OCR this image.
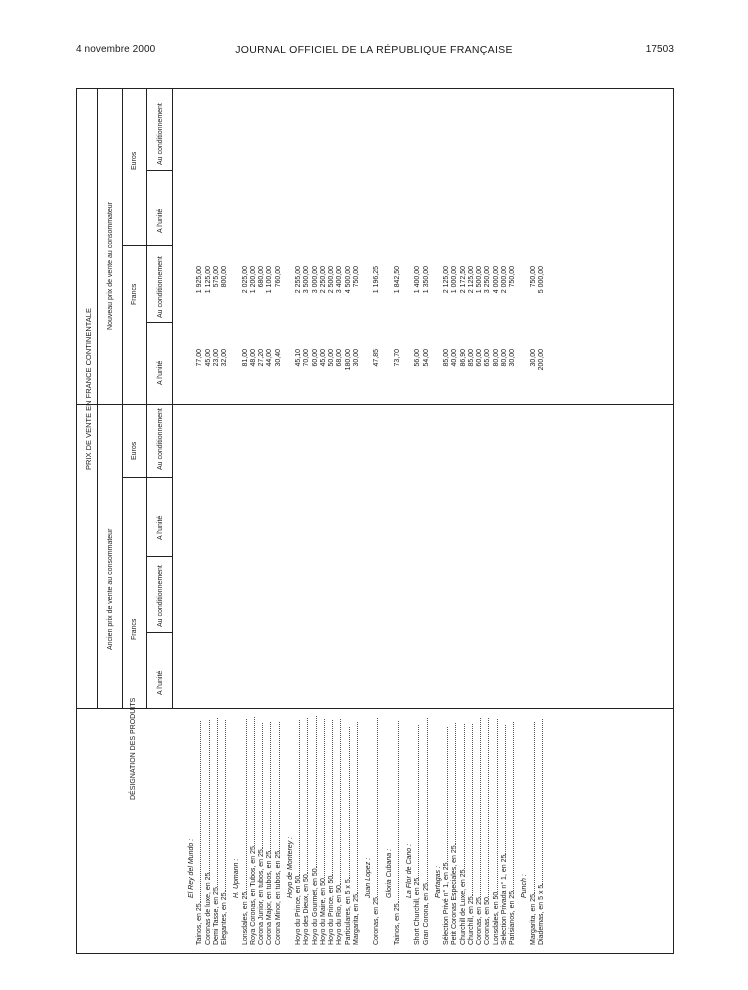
4 novembre 2000	JOURNAL OFFICIEL DE LA RÉPUBLIQUE FRANÇAISE	17503
DÉSIGNATION DES PRODUITS
PRIX DE VENTE EN FRANCE CONTINENTALE
Ancien prix de vente au consommateur
Nouveau prix de vente au consommateur
Francs
Euros
Francs
Euros
A l'unité
Au conditionnement
A l'unité
Au conditionnement
A l'unité
Au conditionnement
A l'unité
Au conditionnement
El Rey del Mundo :
Tainos, en 25
77,00
1 925,00
Coronas de luxe, en 25
45,00
1 125,00
Demi Tasse, en 25
23,00
575,00
Elegantes, en 25
32,00
800,00
H. Upmann :
Lonsdales, en 25
81,00
2 025,00
Roya Coronas, en Tubos, en 25
48,00
1 200,00
Corona Junior, en tubos, en 25
27,20
680,00
Corona Major, en tubos, en 25
44,00
1 100,00
Corona Minor, en tubos, en 25
30,40
760,00
Hoyo de Monterey :
Hoyo du Prince, en 50
45,10
2 255,00
Hoyo des Dieux, en 50
70,00
3 500,00
Hoyo du Gourmet, en 50
60,00
3 000,00
Hoyo du Maire, en 50
45,00
2 250,00
Hoyo du Prince, en 50
50,00
2 500,00
Hoyo du Rio, en 50
68,00
3 400,00
Particulares, en 5 x 5
180,00
4 500,00
Margarita, en 25
30,00
750,00
Juan Lopez :
Coronas, en 25
47,85
1 196,25
Gloria Cubana :
Tainos, en 25
73,70
1 842,50
La Flor de Cano :
Short Churchill, en 25
56,00
1 400,00
Gran Corona, en 25
54,00
1 350,00
Partagas : Sélection Privé n° 1, en 25
85,00
2 125,00
Petit Coronas Especiales, en 25
40,00
1 000,00
Churchill de Luxe, en 25
86,90
2 172,50
Churchill, en 25
85,00
2 125,00
Coronas, en 25
60,00
1 500,00
Coronas, en 50
65,00
3 250,00
Lonsdales, en 50
80,00
4 000,00
Selection Privada n° 1, en 25
80,00
2 000,00
Parisianos, en 25
30,00
750,00
Punch :
Margarita, en 25
30,00
750,00
Diademas, en 5 x 5
200,00
5 000,00
